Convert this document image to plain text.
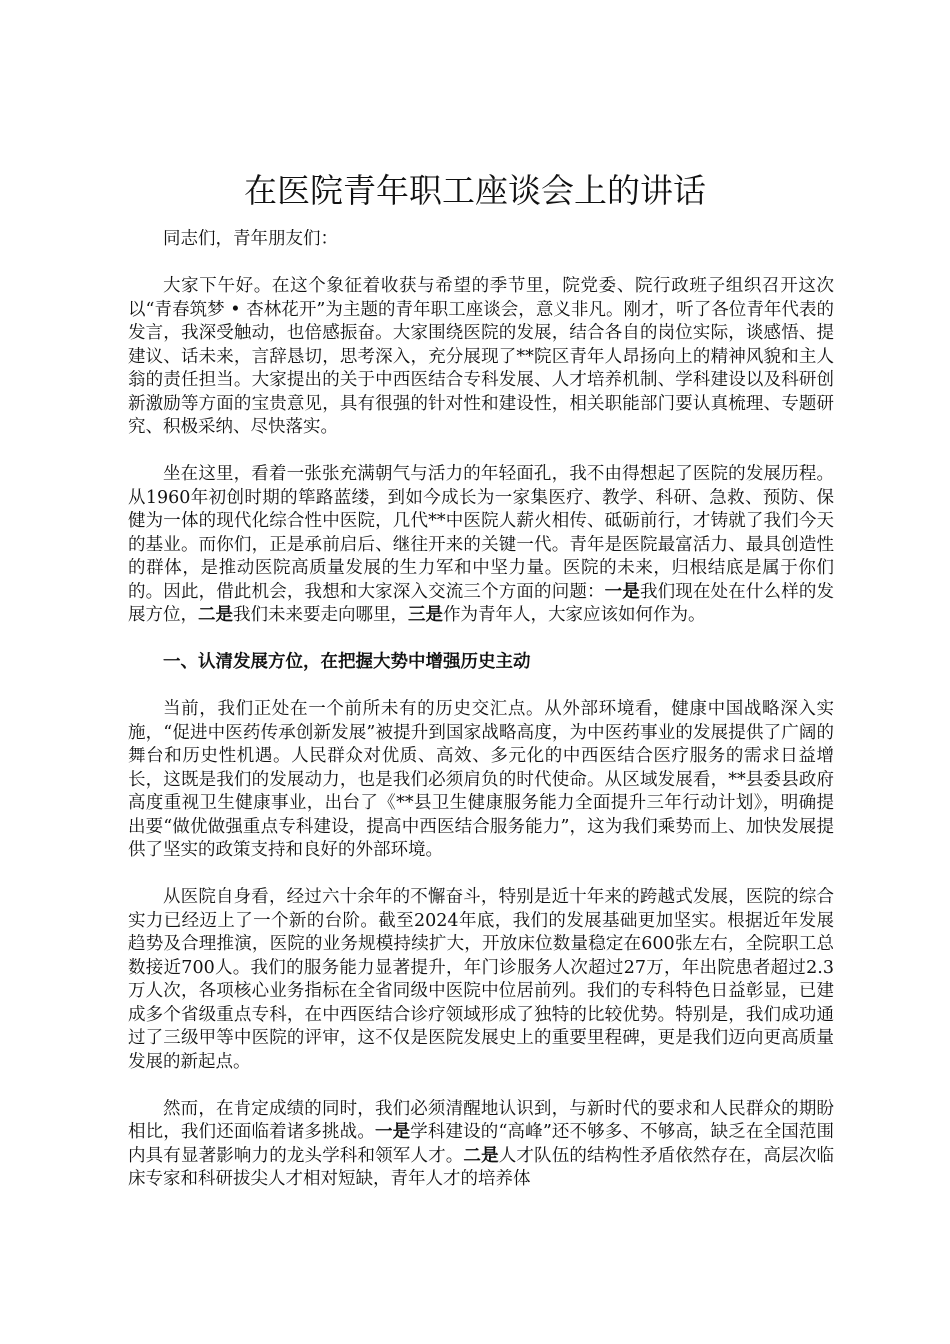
在医院青年职工座谈会上的讲话

同志们，青年朋友们：

大家下午好。在这个象征着收获与希望的季节里，院党委、院行政班子组织召开这次以“青春筑梦 • 杏林花开”为主题的青年职工座谈会，意义非凡。刚才，听了各位青年代表的发言，我深受触动，也倍感振奋。大家围绕医院的发展，结合各自的岗位实际，谈感悟、提建议、话未来，言辞恳切，思考深入，充分展现了**院区青年人昂扬向上的精神风貌和主人翁的责任担当。大家提出的关于中西医结合专科发展、人才培养机制、学科建设以及科研创新激励等方面的宝贵意见，具有很强的针对性和建设性，相关职能部门要认真梳理、专题研究、积极采纳、尽快落实。

坐在这里，看着一张张充满朝气与活力的年轻面孔，我不由得想起了医院的发展历程。从1960年初创时期的筚路蓝缕，到如今成长为一家集医疗、教学、科研、急救、预防、保健为一体的现代化综合性中医院，几代**中医院人薪火相传、砥砺前行，才铸就了我们今天的基业。而你们，正是承前启后、继往开来的关键一代。青年是医院最富活力、最具创造性的群体，是推动医院高质量发展的生力军和中坚力量。医院的未来，归根结底是属于你们的。因此，借此机会，我想和大家深入交流三个方面的问题：一是我们现在处在什么样的发展方位，二是我们未来要走向哪里，三是作为青年人，大家应该如何作为。

一、认清发展方位，在把握大势中增强历史主动

当前，我们正处在一个前所未有的历史交汇点。从外部环境看，健康中国战略深入实施，“促进中医药传承创新发展”被提升到国家战略高度，为中医药事业的发展提供了广阔的舞台和历史性机遇。人民群众对优质、高效、多元化的中西医结合医疗服务的需求日益增长，这既是我们的发展动力，也是我们必须肩负的时代使命。从区域发展看，**县委县政府高度重视卫生健康事业，出台了《**县卫生健康服务能力全面提升三年行动计划》，明确提出要“做优做强重点专科建设，提高中西医结合服务能力”，这为我们乘势而上、加快发展提供了坚实的政策支持和良好的外部环境。

从医院自身看，经过六十余年的不懈奋斗，特别是近十年来的跨越式发展，医院的综合实力已经迈上了一个新的台阶。截至2024年底，我们的发展基础更加坚实。根据近年发展趋势及合理推演，医院的业务规模持续扩大，开放床位数量稳定在600张左右，全院职工总数接近700人。我们的服务能力显著提升，年门诊服务人次超过27万，年出院患者超过2.3万人次，各项核心业务指标在全省同级中医院中位居前列。我们的专科特色日益彰显，已建成多个省级重点专科，在中西医结合诊疗领域形成了独特的比较优势。特别是，我们成功通过了三级甲等中医院的评审，这不仅是医院发展史上的重要里程碑，更是我们迈向更高质量发展的新起点。

然而，在肯定成绩的同时，我们必须清醒地认识到，与新时代的要求和人民群众的期盼相比，我们还面临着诸多挑战。一是学科建设的“高峰”还不够多、不够高，缺乏在全国范围内具有显著影响力的龙头学科和领军人才。二是人才队伍的结构性矛盾依然存在，高层次临床专家和科研拔尖人才相对短缺，青年人才的培养体
